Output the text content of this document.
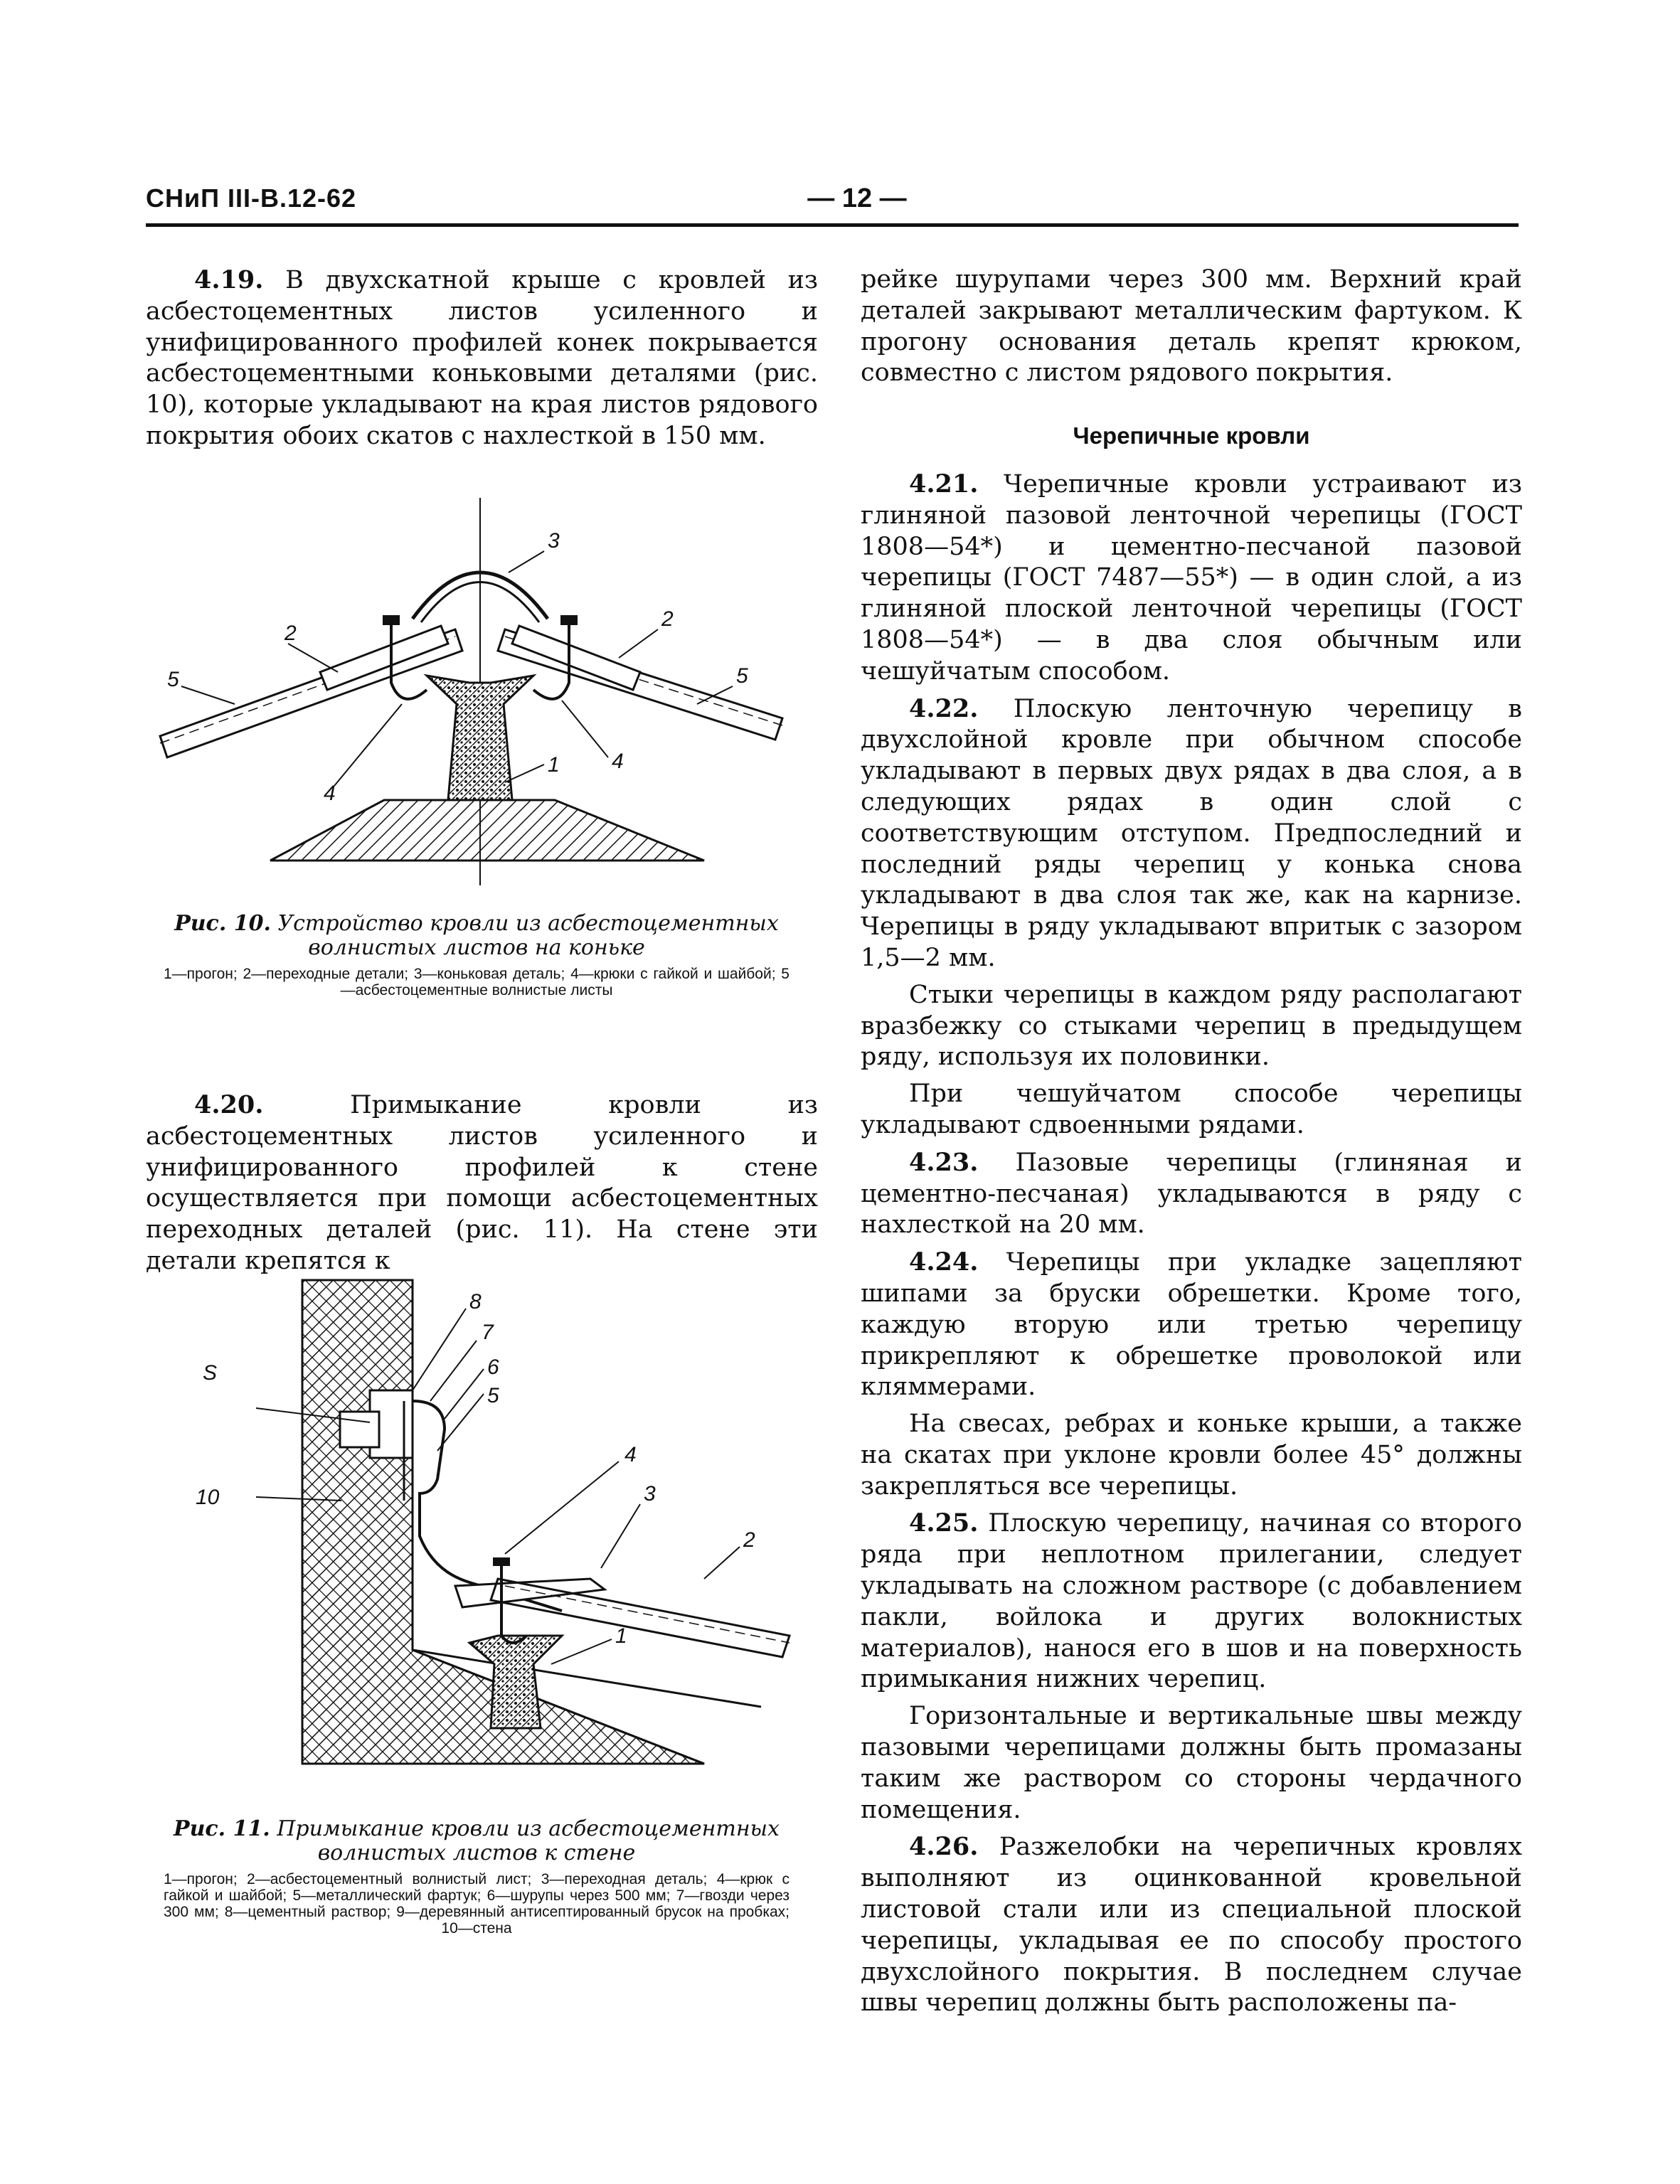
СНиП III-В.12-62	— 12 —

4.19. В двухскатной крыше с кровлей из асбестоцементных листов усиленного и унифицированного профилей конек покрывается асбестоцементными коньковыми деталями (рис. 10), которые укладывают на края листов рядового покрытия обоих скатов с нахлесткой в 150 мм.

1
2
2
3
4
4
5	5
Рис. 10. Устройство кровли из асбестоцементных волнистых листов на коньке
1—прогон; 2—переходные детали; 3—коньковая деталь; 4—крюки с гайкой и шайбой; 5—асбестоцементные волнистые листы

4.20. Примыкание кровли из асбестоцементных листов усиленного и унифицированного профилей к стене осуществляется при помощи асбестоцементных переходных деталей (рис. 11). На стене эти детали крепятся к

8
7
S	6
5
4
10	3
2
1
Рис. 11. Примыкание кровли из асбестоцементных волнистых листов к стене
1—прогон; 2—асбестоцементный волнистый лист; 3—переходная деталь; 4—крюк с гайкой и шайбой; 5—металлический фартук; 6—шурупы через 500 мм; 7—гвозди через 300 мм; 8—цементный раствор; 9—деревянный антисептированный брусок на пробках; 10—стена

рейке шурупами через 300 мм. Верхний край деталей закрывают металлическим фартуком. К прогону основания деталь крепят крюком, совместно с листом рядового покрытия.

Черепичные кровли

4.21. Черепичные кровли устраивают из глиняной пазовой ленточной черепицы (ГОСТ 1808—54*) и цементно-песчаной пазовой черепицы (ГОСТ 7487—55*) — в один слой, а из глиняной плоской ленточной черепицы (ГОСТ 1808—54*) — в два слоя обычным или чешуйчатым способом.

4.22. Плоскую ленточную черепицу в двухслойной кровле при обычном способе укладывают в первых двух рядах в два слоя, а в следующих рядах в один слой с соответствующим отступом. Предпоследний и последний ряды черепиц у конька снова укладывают в два слоя так же, как на карнизе. Черепицы в ряду укладывают впритык с зазором 1,5—2 мм.

Стыки черепицы в каждом ряду располагают вразбежку со стыками черепиц в предыдущем ряду, используя их половинки.

При чешуйчатом способе черепицы укладывают сдвоенными рядами.

4.23. Пазовые черепицы (глиняная и цементно-песчаная) укладываются в ряду с нахлесткой на 20 мм.

4.24. Черепицы при укладке зацепляют шипами за бруски обрешетки. Кроме того, каждую вторую или третью черепицу прикрепляют к обрешетке проволокой или кляммерами.

На свесах, ребрах и коньке крыши, а также на скатах при уклоне кровли более 45° должны закрепляться все черепицы.

4.25. Плоскую черепицу, начиная со второго ряда при неплотном прилегании, следует укладывать на сложном растворе (с добавлением пакли, войлока и других волокнистых материалов), нанося его в шов и на поверхность примыкания нижних черепиц.

Горизонтальные и вертикальные швы между пазовыми черепицами должны быть промазаны таким же раствором со стороны чердачного помещения.

4.26. Разжелобки на черепичных кровлях выполняют из оцинкованной кровельной листовой стали или из специальной плоской черепицы, укладывая ее по способу простого двухслойного покрытия. В последнем случае швы черепиц должны быть расположены па-
